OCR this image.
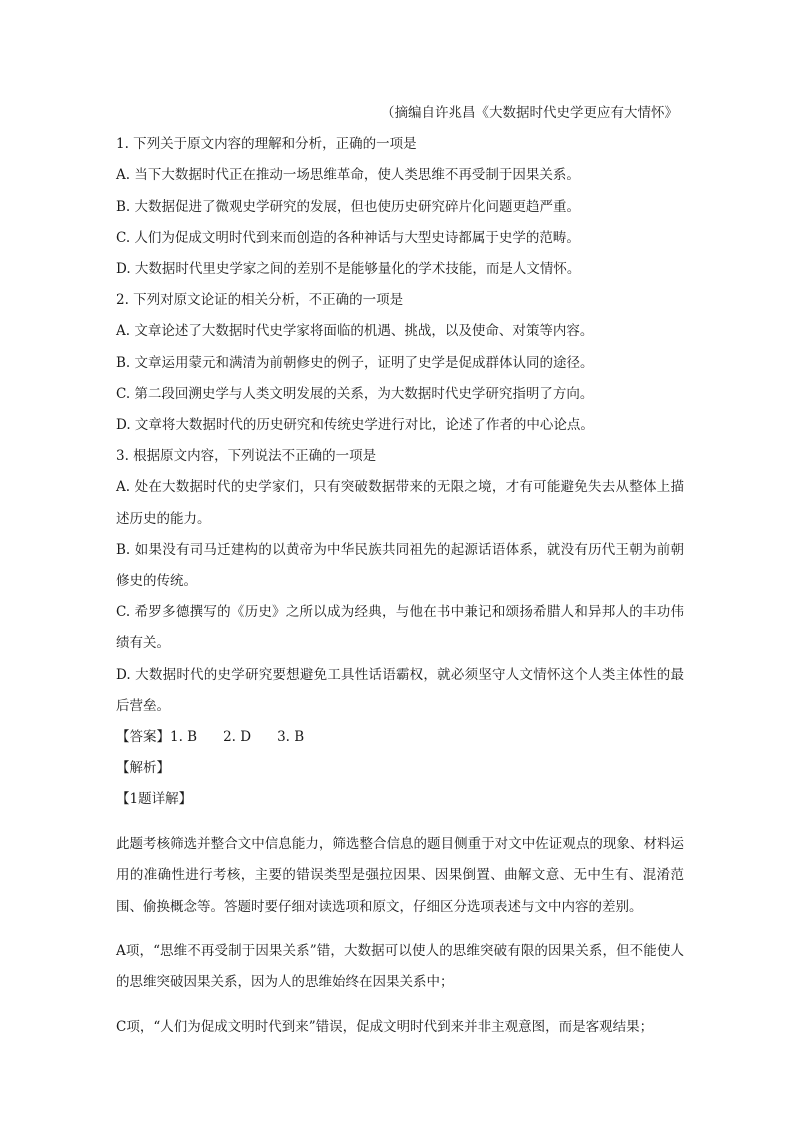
（摘编自许兆昌《大数据时代史学更应有大情怀》

1. 下列关于原文内容的理解和分析，正确的一项是

A. 当下大数据时代正在推动一场思维革命，使人类思维不再受制于因果关系。

B. 大数据促进了微观史学研究的发展，但也使历史研究碎片化问题更趋严重。

C. 人们为促成文明时代到来而创造的各种神话与大型史诗都属于史学的范畴。

D. 大数据时代里史学家之间的差别不是能够量化的学术技能，而是人文情怀。

2. 下列对原文论证的相关分析，不正确的一项是

A. 文章论述了大数据时代史学家将面临的机遇、挑战，以及使命、对策等内容。

B. 文章运用蒙元和满清为前朝修史的例子，证明了史学是促成群体认同的途径。

C. 第二段回溯史学与人类文明发展的关系，为大数据时代史学研究指明了方向。

D. 文章将大数据时代的历史研究和传统史学进行对比，论述了作者的中心论点。

3. 根据原文内容，下列说法不正确的一项是

A. 处在大数据时代的史学家们，只有突破数据带来的无限之境，才有可能避免失去从整体上描述历史的能力。

B. 如果没有司马迁建构的以黄帝为中华民族共同祖先的起源话语体系，就没有历代王朝为前朝修史的传统。

C. 希罗多德撰写的《历史》之所以成为经典，与他在书中兼记和颂扬希腊人和异邦人的丰功伟绩有关。

D. 大数据时代的史学研究要想避免工具性话语霸权，就必须坚守人文情怀这个人类主体性的最后营垒。

【答案】1. B 2. D 3. B

【解析】

【1题详解】

此题考核筛选并整合文中信息能力，筛选整合信息的题目侧重于对文中佐证观点的现象、材料运用的准确性进行考核，主要的错误类型是强拉因果、因果倒置、曲解文意、无中生有、混淆范围、偷换概念等。答题时要仔细对读选项和原文，仔细区分选项表述与文中内容的差别。

A项，“思维不再受制于因果关系”错，大数据可以使人的思维突破有限的因果关系，但不能使人的思维突破因果关系，因为人的思维始终在因果关系中；

C项，“人们为促成文明时代到来”错误，促成文明时代到来并非主观意图，而是客观结果；
